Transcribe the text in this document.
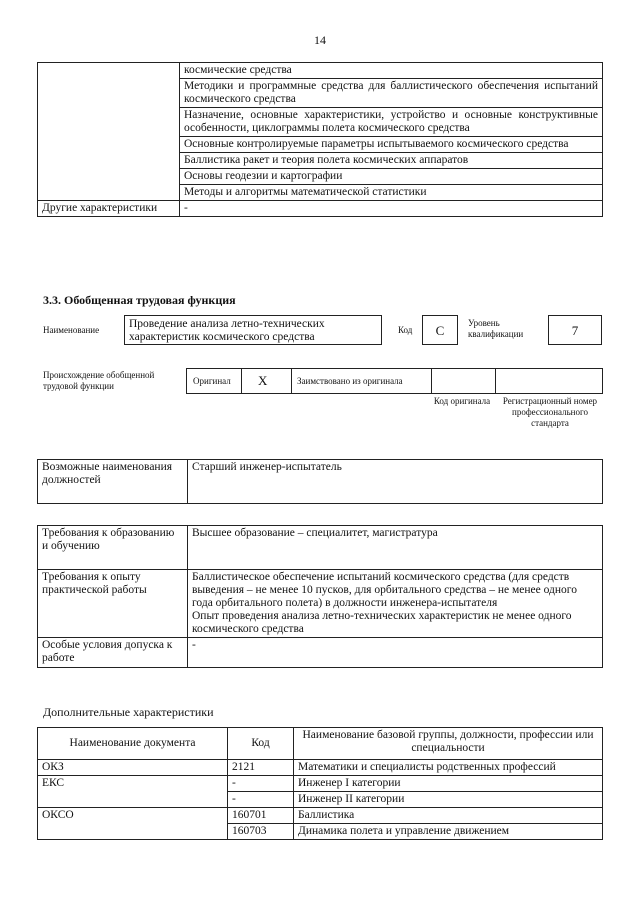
14
	космические средства
	Методики и программные средства для баллистического обеспечения испытаний космического средства
	Назначение, основные характеристики, устройство и основные конструктивные особенности, циклограммы полета космического средства
	Основные контролируемые параметры испытываемого космического средства
	Баллистика ракет и теория полета космических аппаратов
	Основы геодезии и картографии
	Методы и алгоритмы математической статистики
Другие характеристики	-
3.3. Обобщенная трудовая функция
Наименование	Проведение анализа летно-технических характеристик космического средства
Код	C	Уровень квалификации	7
Происхождение обобщенной трудовой функции	Оригинал X	Заимствовано из оригинала
Код оригинала	Регистрационный номер профессионального стандарта
Возможные наименования должностей	Старший инженер-испытатель
Требования к образованию и обучению	Высшее образование – специалитет, магистратура
Требования к опыту практической работы	Баллистическое обеспечение испытаний космического средства (для средств выведения – не менее 10 пусков, для орбитального средства – не менее одного года орбитального полета) в должности инженера-испытателя
Опыт проведения анализа летно-технических характеристик не менее одного космического средства

Особые условия допуска к работе	-
Дополнительные характеристики
Наименование документа	Код	Наименование базовой группы, должности, профессии или специальности
ОКЗ	2121	Математики и специалисты родственных профессий
ЕКС	-	Инженер I категории
	-	Инженер II категории
ОКСО	160701	Баллистика
	160703	Динамика полета и управление движением
